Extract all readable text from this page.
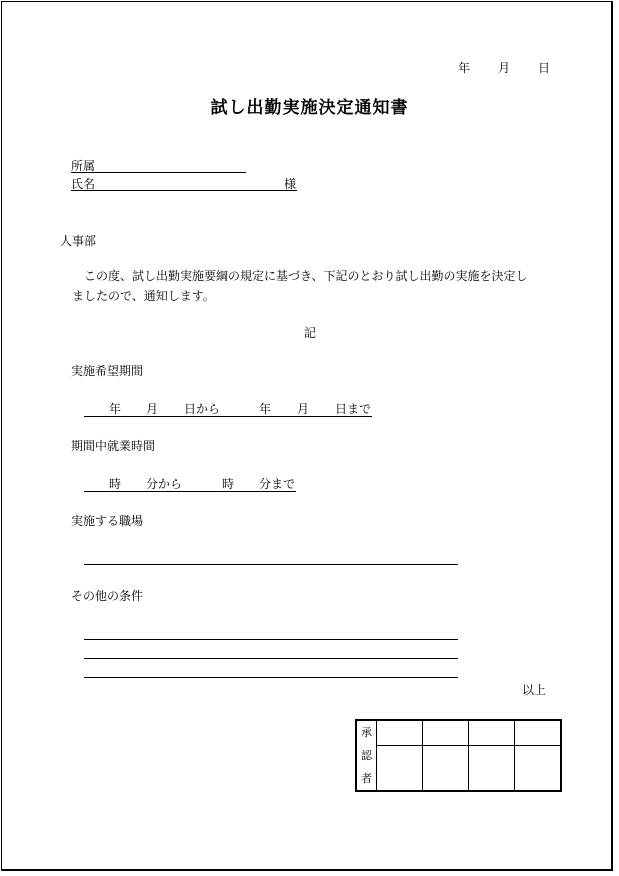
年 月 日
試し出勤実施決定通知書
所属
氏名	様
人事部
この度、試し出勤実施要綱の規定に基づき、下記のとおり試し出勤の実施を決定し
ましたので、通知します。
記
実施希望期間
年 月 日から	年 月 日まで
期間中就業時間
時 分から	時 分まで
実施する職場
その他の条件
以上
承
認
者				
